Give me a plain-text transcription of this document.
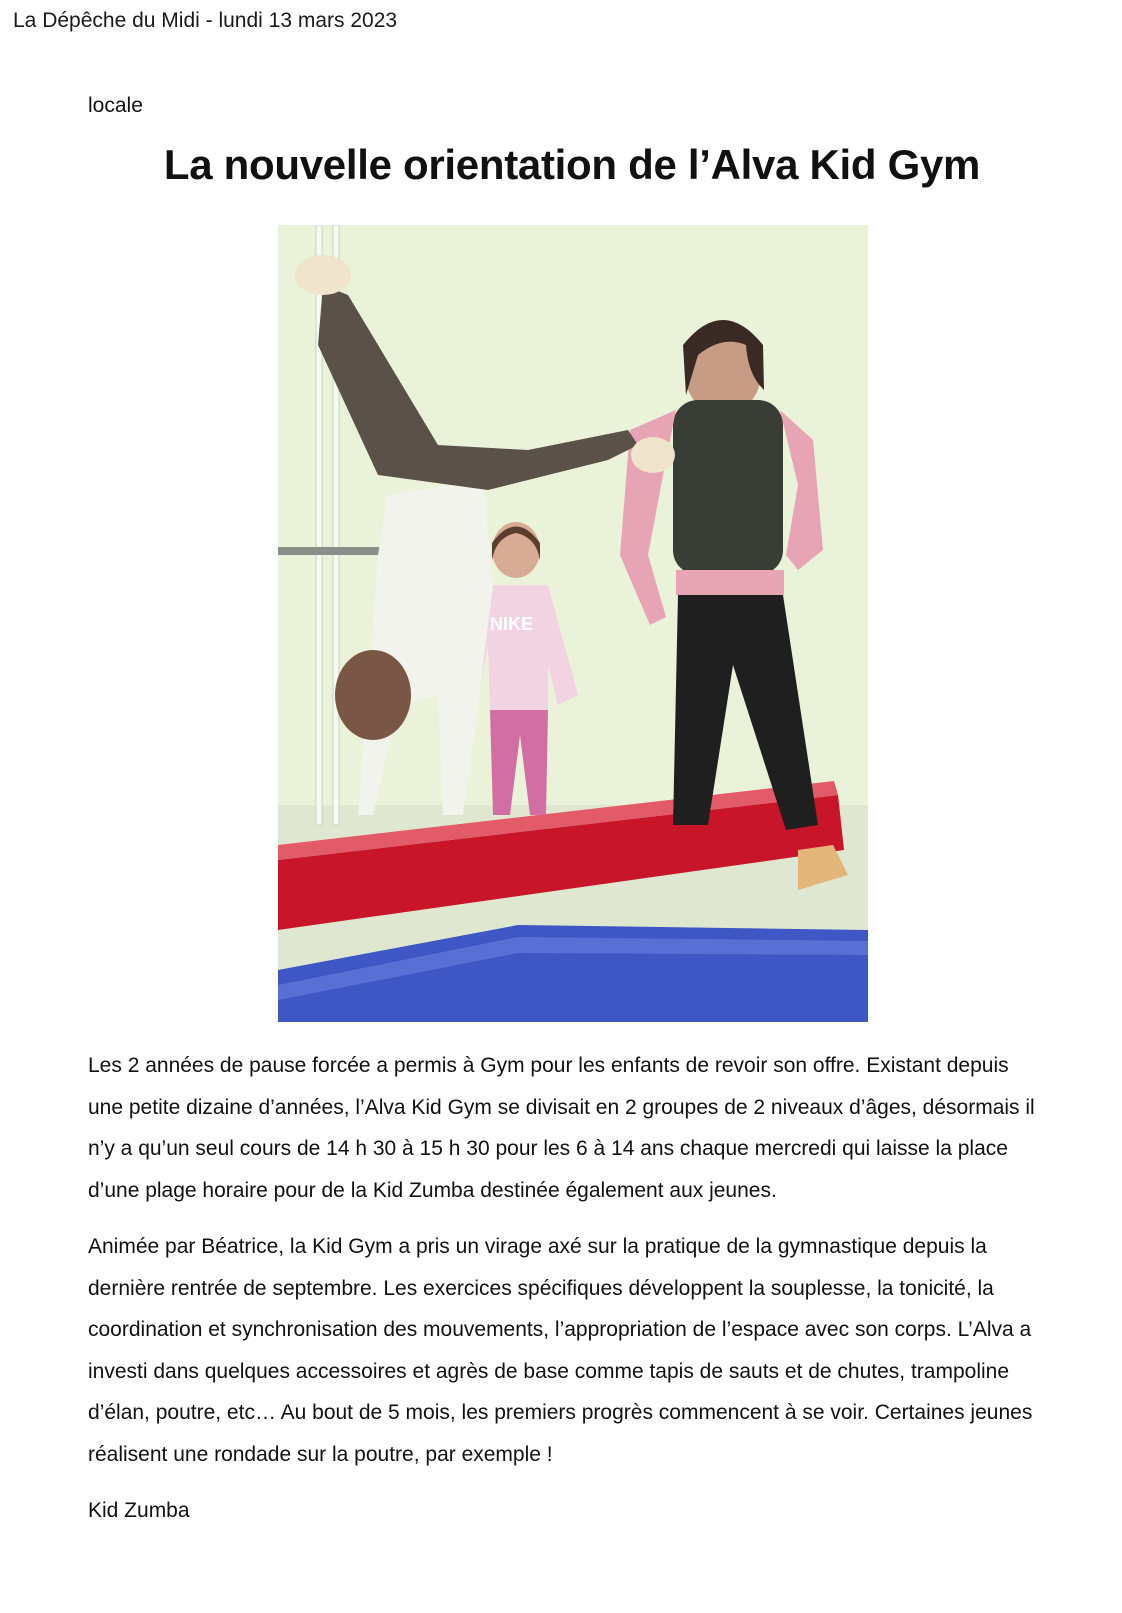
La Dépêche du Midi - lundi 13 mars 2023
locale
La nouvelle orientation de l’Alva Kid Gym
NIKE

Les 2 années de pause forcée a permis à Gym pour les enfants de revoir son offre. Existant depuis une petite dizaine d’années, l’Alva Kid Gym se divisait en 2 groupes de 2 niveaux d’âges, désormais il n’y a qu’un seul cours de 14 h 30 à 15 h 30 pour les 6 à 14 ans chaque mercredi qui laisse la place d’une plage horaire pour de la Kid Zumba destinée également aux jeunes.

Animée par Béatrice, la Kid Gym a pris un virage axé sur la pratique de la gymnastique depuis la dernière rentrée de septembre. Les exercices spécifiques développent la souplesse, la tonicité, la coordination et synchronisation des mouvements, l’appropriation de l’espace avec son corps. L’Alva a investi dans quelques accessoires et agrès de base comme tapis de sauts et de chutes, trampoline d’élan, poutre, etc… Au bout de 5 mois, les premiers progrès commencent à se voir. Certaines jeunes réalisent une rondade sur la poutre, par exemple !

Kid Zumba
